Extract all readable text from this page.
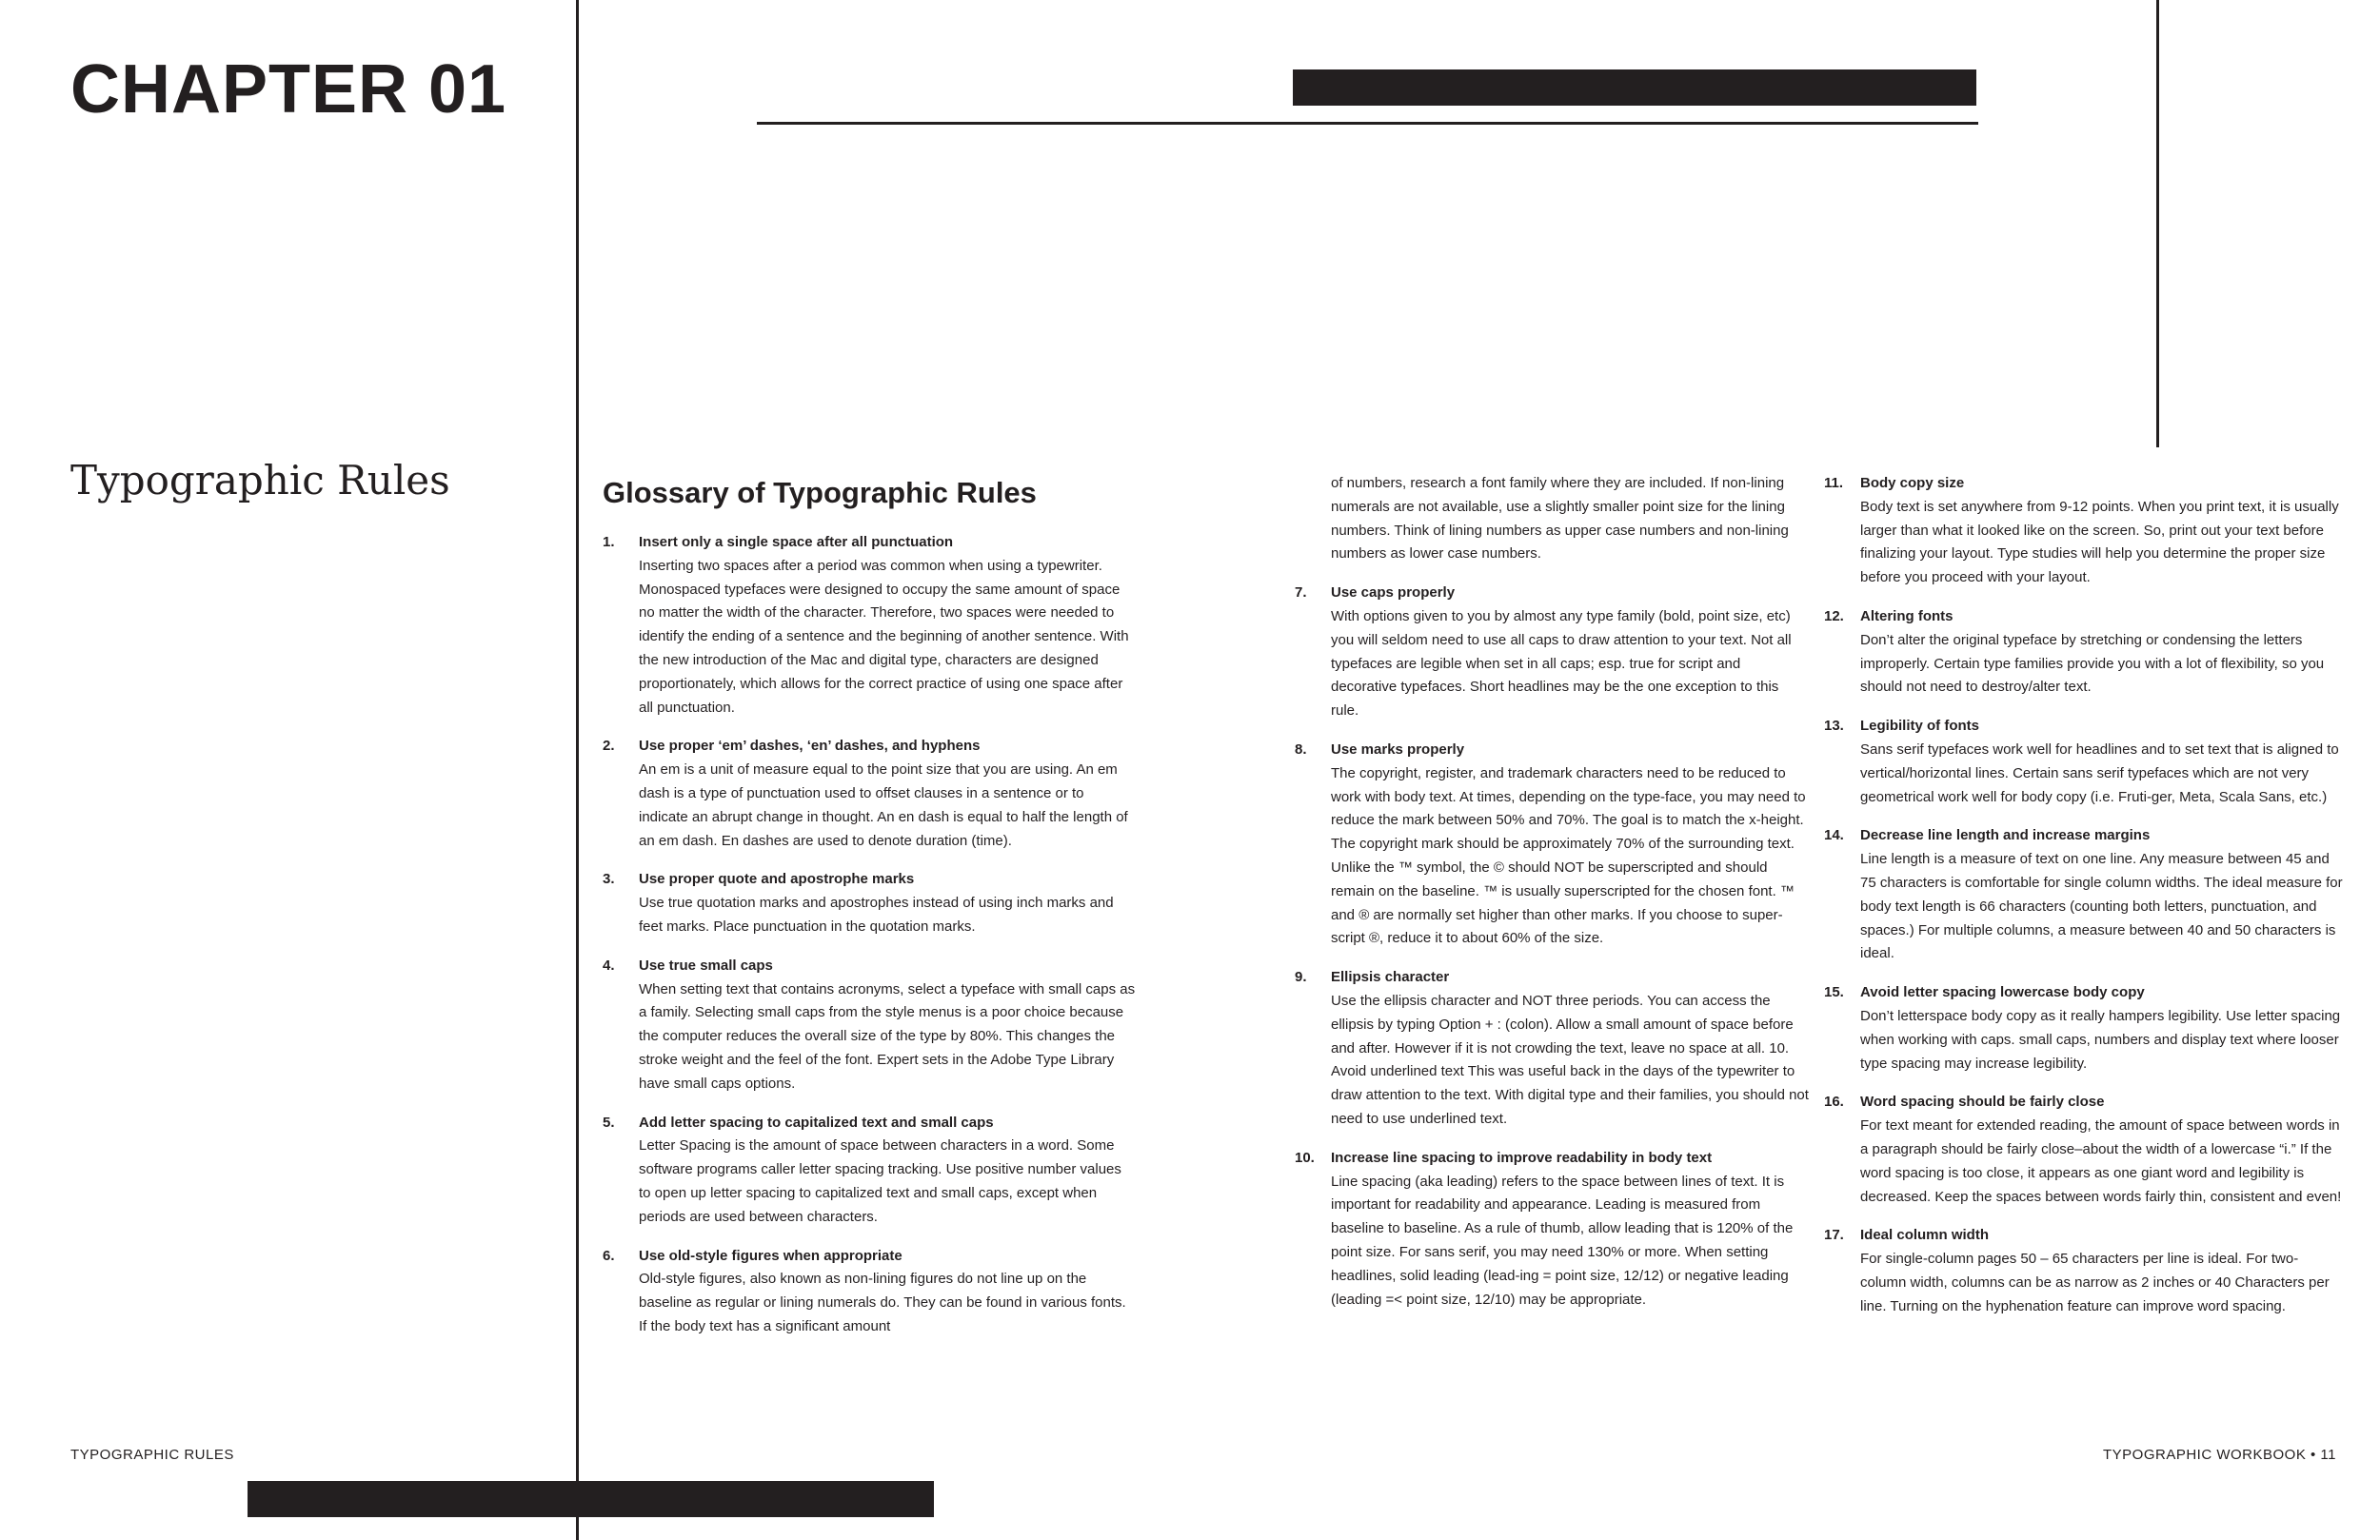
CHAPTER 01
Typographic Rules	Glossary of Typographic Rules
1.	Insert only a single space after all punctuation
Inserting two spaces after a period was common when using a typewriter. Monospaced typefaces were designed to occupy the same amount of space no matter the width of the character. Therefore, two spaces were needed to identify the ending of a sentence and the beginning of another sentence. With the new introduction of the Mac and digital type, characters are designed proportionately, which allows for the correct practice of using one space after all punctuation.
2.	Use proper ‘em’ dashes, ‘en’ dashes, and hyphens
An em is a unit of measure equal to the point size that you are using. An em dash is a type of punctuation used to offset clauses in a sentence or to indicate an abrupt change in thought. An en dash is equal to half the length of an em dash. En dashes are used to denote duration (time).
3.	Use proper quote and apostrophe marks
Use true quotation marks and apostrophes instead of using inch marks and feet marks. Place punctuation in the quotation marks.
4.	Use true small caps
When setting text that contains acronyms, select a typeface with small caps as a family. Selecting small caps from the style menus is a poor choice because the computer reduces the overall size of the type by 80%. This changes the stroke weight and the feel of the font. Expert sets in the Adobe Type Library have small caps options.
5.	Add letter spacing to capitalized text and small caps
Letter Spacing is the amount of space between characters in a word. Some software programs caller letter spacing tracking. Use positive number values to open up letter spacing to capitalized text and small caps, except when periods are used between characters.
6.	Use old-style figures when appropriate
Old-style figures, also known as non-lining figures do not line up on the baseline as regular or lining numerals do. They can be found in various fonts. If the body text has a significant amount
of numbers, research a font family where they are included. If non-lining numerals are not available, use a slightly smaller point size for the lining numbers. Think of lining numbers as upper case numbers and non-lining numbers as lower case numbers.
7.	Use caps properly
With options given to you by almost any type family (bold, point size, etc) you will seldom need to use all caps to draw attention to your text. Not all typefaces are legible when set in all caps; esp. true for script and decorative typefaces. Short headlines may be the one exception to this rule.
8.	Use marks properly
The copyright, register, and trademark characters need to be reduced to work with body text. At times, depending on the type-face, you may need to reduce the mark between 50% and 70%. The goal is to match the x-height. The copyright mark should be approximately 70% of the surrounding text. Unlike the ™ symbol, the © should NOT be superscripted and should remain on the baseline. ™ is usually superscripted for the chosen font. ™ and ® are normally set higher than other marks. If you choose to super-script ®, reduce it to about 60% of the size.
9.	Ellipsis character
Use the ellipsis character and NOT three periods. You can access the ellipsis by typing Option + : (colon). Allow a small amount of space before and after. However if it is not crowding the text, leave no space at all. 10. Avoid underlined text This was useful back in the days of the typewriter to draw attention to the text. With digital type and their families, you should not need to use underlined text.
10.	Increase line spacing to improve readability in body text
Line spacing (aka leading) refers to the space between lines of text. It is important for readability and appearance. Leading is measured from baseline to baseline. As a rule of thumb, allow leading that is 120% of the point size. For sans serif, you may need 130% or more. When setting headlines, solid leading (lead-ing = point size, 12/12) or negative leading (leading =< point size, 12/10) may be appropriate.
11.	Body copy size
Body text is set anywhere from 9-12 points. When you print text, it is usually larger than what it looked like on the screen. So, print out your text before finalizing your layout. Type studies will help you determine the proper size before you proceed with your layout.
12.	Altering fonts
Don’t alter the original typeface by stretching or condensing the letters improperly. Certain type families provide you with a lot of flexibility, so you should not need to destroy/alter text.
13.	Legibility of fonts
Sans serif typefaces work well for headlines and to set text that is aligned to vertical/horizontal lines. Certain sans serif typefaces which are not very geometrical work well for body copy (i.e. Fruti-ger, Meta, Scala Sans, etc.)
14.	Decrease line length and increase margins
Line length is a measure of text on one line. Any measure between 45 and 75 characters is comfortable for single column widths. The ideal measure for body text length is 66 characters (counting both letters, punctuation, and spaces.) For multiple columns, a measure between 40 and 50 characters is ideal.
15.	Avoid letter spacing lowercase body copy
Don’t letterspace body copy as it really hampers legibility. Use letter spacing when working with caps. small caps, numbers and display text where looser type spacing may increase legibility.
16.	Word spacing should be fairly close
For text meant for extended reading, the amount of space between words in a paragraph should be fairly close–about the width of a lowercase “i.” If the word spacing is too close, it appears as one giant word and legibility is decreased. Keep the spaces between words fairly thin, consistent and even!
17.	Ideal column width
For single-column pages 50 – 65 characters per line is ideal. For two-column width, columns can be as narrow as 2 inches or 40 Characters per line. Turning on the hyphenation feature can improve word spacing.
TYPOGRAPHIC RULES	TYPOGRAPHIC WORKBOOK • 11
